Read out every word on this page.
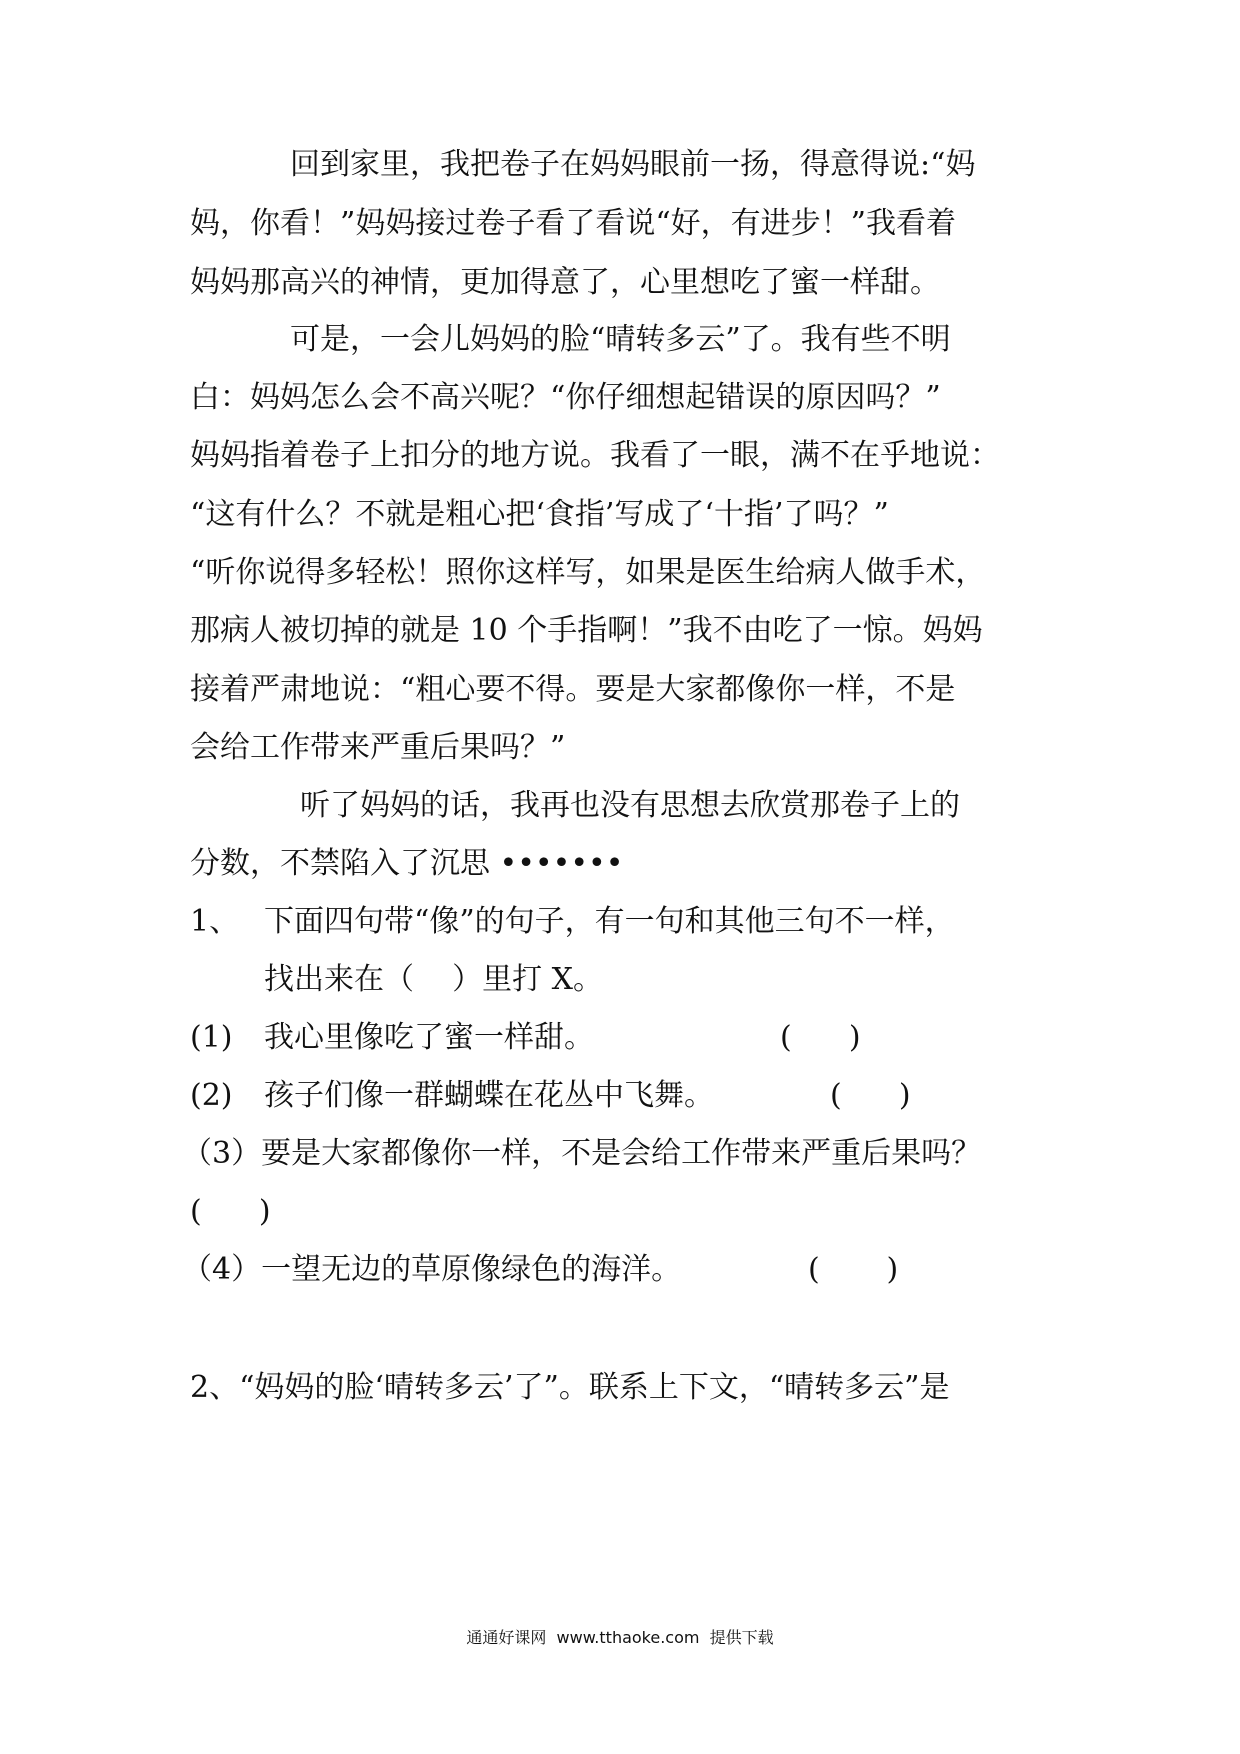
回到家里，我把卷子在妈妈眼前一扬，得意得说:“妈
妈，你看！”妈妈接过卷子看了看说“好，有进步！”我看着
妈妈那高兴的神情，更加得意了，心里想吃了蜜一样甜。
可是，一会儿妈妈的脸“晴转多云”了。我有些不明
白：妈妈怎么会不高兴呢？“你仔细想起错误的原因吗？”
妈妈指着卷子上扣分的地方说。我看了一眼，满不在乎地说：
“这有什么？不就是粗心把‘食指’写成了‘十指’了吗？”
“听你说得多轻松！照你这样写，如果是医生给病人做手术，
那病人被切掉的就是 10 个手指啊！”我不由吃了一惊。妈妈
接着严肃地说：“粗心要不得。要是大家都像你一样，不是
会给工作带来严重后果吗？”
听了妈妈的话，我再也没有思想去欣赏那卷子上的
分数，不禁陷入了沉思 •••••••
1、 下面四句带“像”的句子，有一句和其他三句不一样，
找出来在（    ）里打 X。
(1) 我心里像吃了蜜一样甜。	(      )
(2) 孩子们像一群蝴蝶在花丛中飞舞。	(      )
（3）要是大家都像你一样，不是会给工作带来严重后果吗？
(      )
（4）一望无边的草原像绿色的海洋。	(       )
2、“妈妈的脸‘晴转多云’了”。联系上下文，“晴转多云”是
通通好课网  www.tthaoke.com  提供下载
